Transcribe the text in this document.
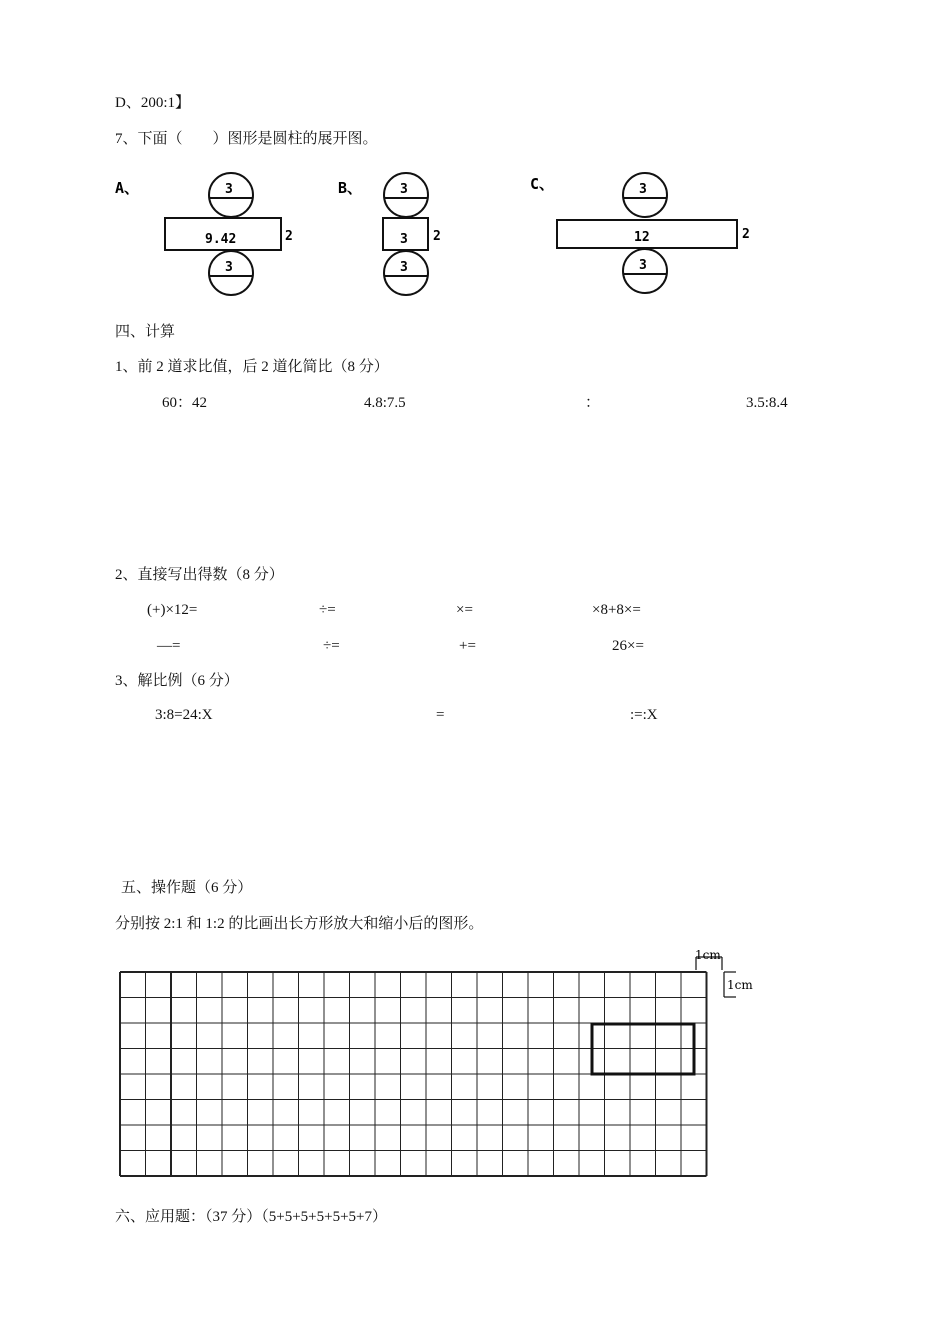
D、200:1】
7、下面（　　）图形是圆柱的展开图。
A、	3
9.42	2
3
B、	3
3 2
3
C、	3
12	2
3
四、计算
1、前 2 道求比值，后 2 道化简比（8 分）
60：42	4.8:7.5	：	3.5:8.4
2、直接写出得数（8 分）
(+)×12=	÷=	×=	×8+8×=
—=	÷=	+=	26×=
3、解比例（6 分）
3:8=24:X	=	:=:X
五、操作题（6 分）
分别按 2:1 和 1:2 的比画出长方形放大和缩小后的图形。
1cm
1cm
六、应用题：（37 分）（5+5+5+5+5+5+7）
